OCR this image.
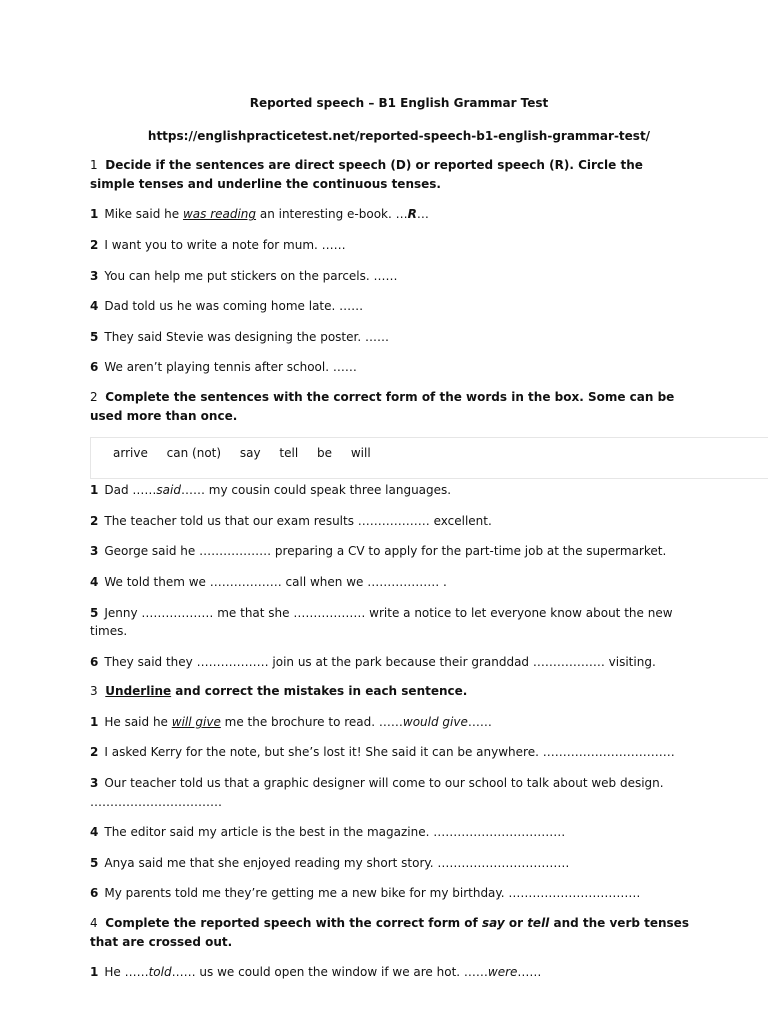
Reported speech – B1 English Grammar Test
https://englishpracticetest.net/reported-speech-b1-english-grammar-test/
1 Decide if the sentences are direct speech (D) or reported speech (R). Circle the simple tenses and underline the continuous tenses.
1 Mike said he was reading an interesting e-book. …R…
2 I want you to write a note for mum. ……
3 You can help me put stickers on the parcels. ……
4 Dad told us he was coming home late. ……
5 They said Stevie was designing the poster. ……
6 We aren’t playing tennis after school. ……
2 Complete the sentences with the correct form of the words in the box. Some can be used more than once.
arrive can (not) say tell be will
1 Dad ……said…… my cousin could speak three languages.
2 The teacher told us that our exam results ……………… excellent.
3 George said he ……………… preparing a CV to apply for the part-time job at the supermarket.
4 We told them we ……………… call when we ……………… .
5 Jenny ……………… me that she ……………… write a notice to let everyone know about the new times.
6 They said they ……………… join us at the park because their granddad ……………… visiting.
3 Underline and correct the mistakes in each sentence.
1 He said he will give me the brochure to read. ……would give……
2 I asked Kerry for the note, but she’s lost it! She said it can be anywhere. ……………………………
3 Our teacher told us that a graphic designer will come to our school to talk about web design.
……………………………
4 The editor said my article is the best in the magazine. ……………………………
5 Anya said me that she enjoyed reading my short story. ……………………………
6 My parents told me they’re getting me a new bike for my birthday. ……………………………
4 Complete the reported speech with the correct form of say or tell and the verb tenses that are crossed out.
1 He ……told…… us we could open the window if we are hot. ……were……
